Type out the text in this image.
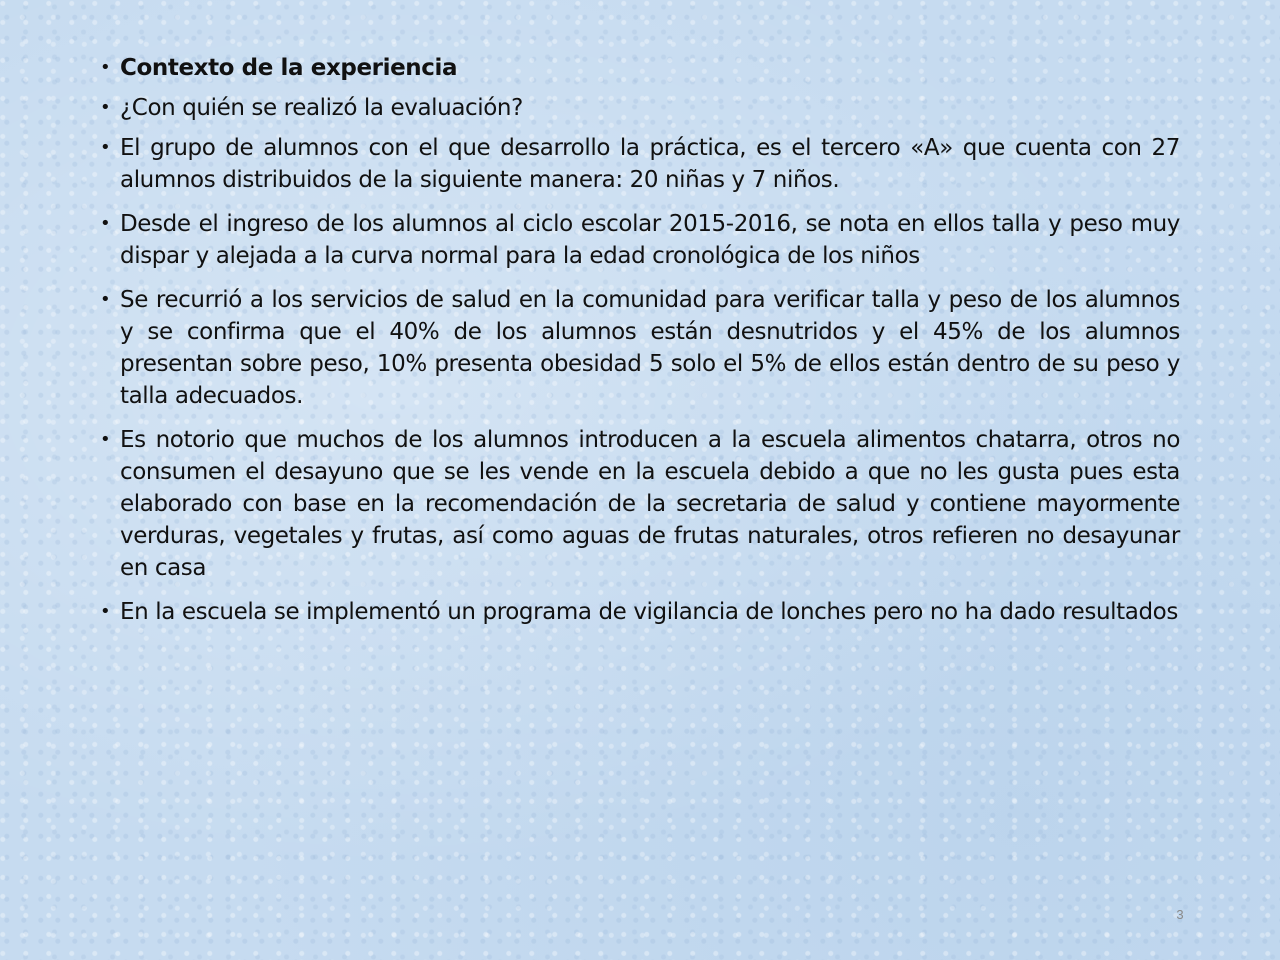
• Contexto de la experiencia
• ¿Con quién se realizó la evaluación?
• El grupo de alumnos con el que desarrollo la práctica, es el tercero «A» que cuenta con 27 alumnos distribuidos de la siguiente manera: 20 niñas y 7 niños.
• Desde el ingreso de los alumnos al ciclo escolar 2015-2016, se nota en ellos talla y peso muy dispar y alejada a la curva normal para la edad cronológica de los niños
• Se recurrió a los servicios de salud en la comunidad para verificar talla y peso de los alumnos y se confirma que el 40% de los alumnos están desnutridos y el 45% de los alumnos presentan sobre peso, 10% presenta obesidad 5 solo el 5% de ellos están dentro de su peso y talla adecuados.
• Es notorio que muchos de los alumnos introducen a la escuela alimentos chatarra, otros no consumen el desayuno que se les vende en la escuela debido a que no les gusta pues esta elaborado con base en la recomendación de la secretaria de salud y contiene mayormente verduras, vegetales y frutas, así como aguas de frutas naturales, otros refieren no desayunar en casa
• En la escuela se implementó un programa de vigilancia de lonches pero no ha dado resultados
3
